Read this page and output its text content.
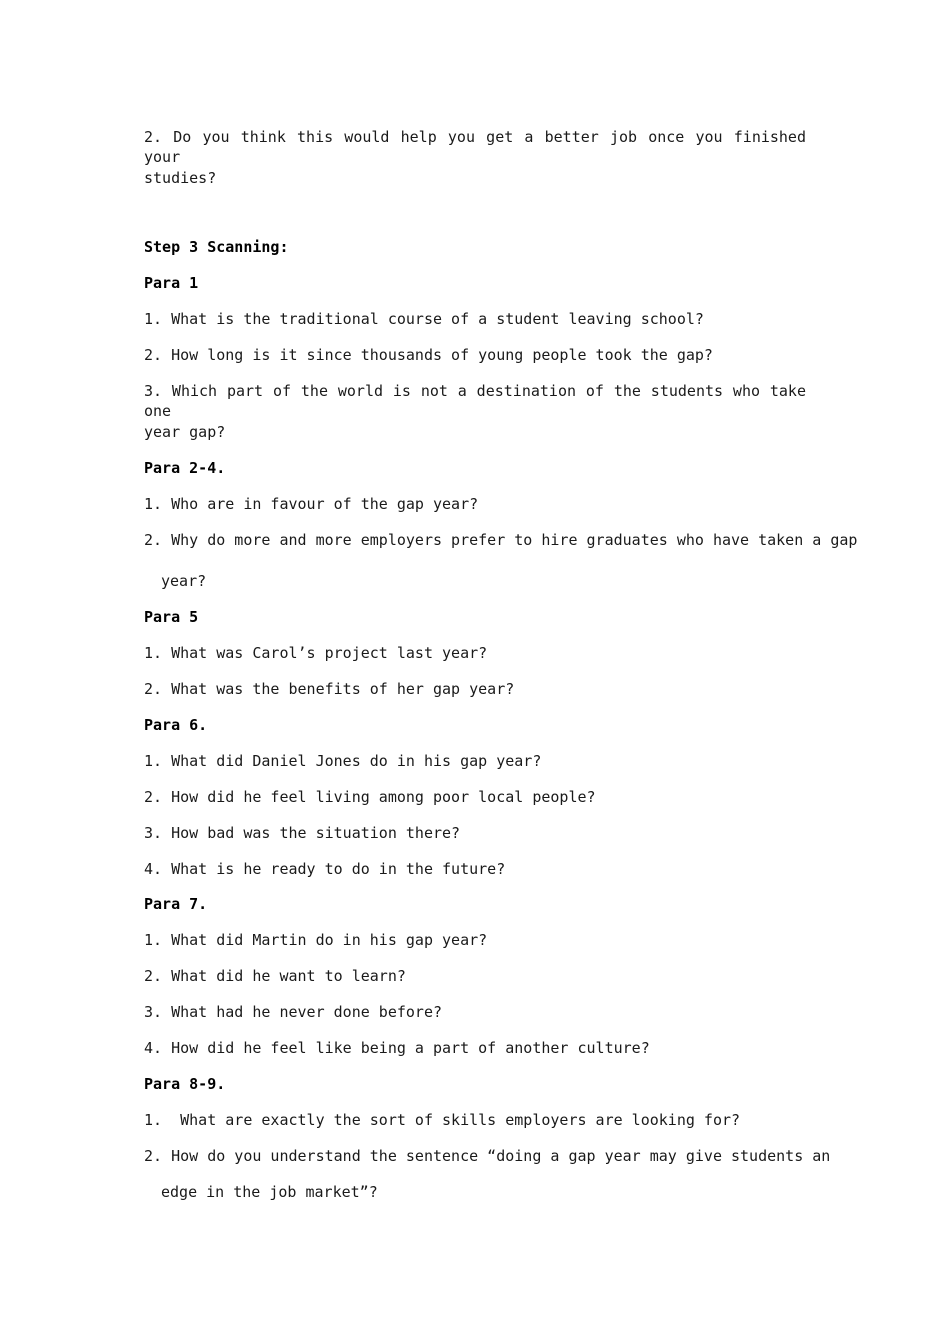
2. Do you think this would help you get a better job once you finished your
studies?
Step 3 Scanning:
Para 1
1. What is the traditional course of a student leaving school?
2. How long is it since thousands of young people took the gap?
3. Which part of the world is not a destination of the students who take one
year gap?
Para 2-4.
1. Who are in favour of the gap year?
2. Why do more and more employers prefer to hire graduates who have taken a gap
year?
Para 5
1. What was Carol’s project last year?
2. What was the benefits of her gap year?
Para 6.
1. What did Daniel Jones do in his gap year?
2. How did he feel living among poor local people?
3. How bad was the situation there?
4. What is he ready to do in the future?
Para 7.
1. What did Martin do in his gap year?
2. What did he want to learn?
3. What had he never done before?
4. How did he feel like being a part of another culture?
Para 8-9.
1.  What are exactly the sort of skills employers are looking for?
2. How do you understand the sentence “doing a gap year may give students an
edge in the job market”?
